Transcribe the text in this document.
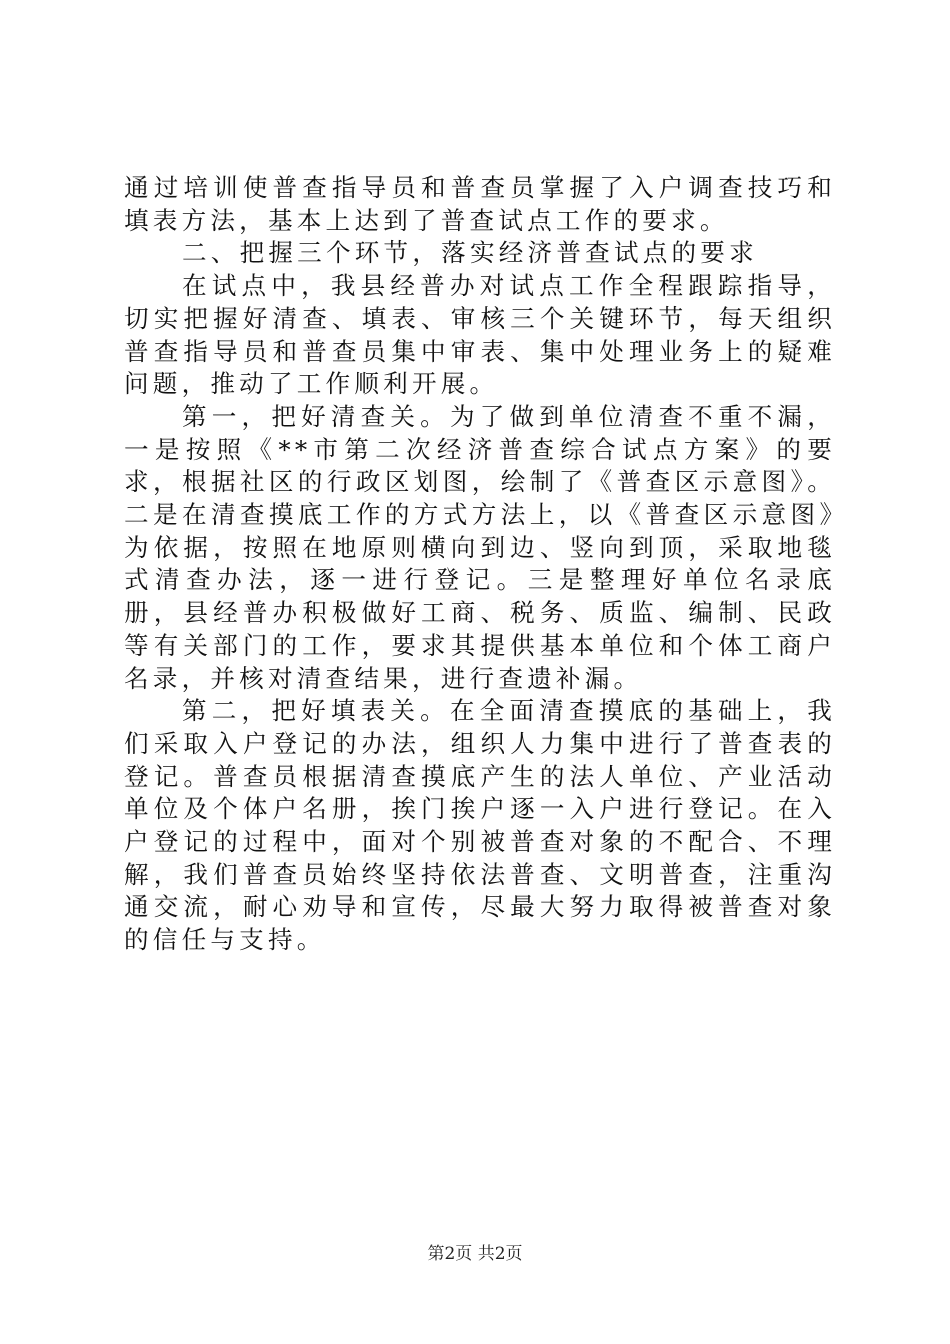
通过培训使普查指导员和普查员掌握了入户调查技巧和填表方法，基本上达到了普查试点工作的要求。

二、把握三个环节，落实经济普查试点的要求

在试点中，我县经普办对试点工作全程跟踪指导，切实把握好清查、填表、审核三个关键环节，每天组织普查指导员和普查员集中审表、集中处理业务上的疑难问题，推动了工作顺利开展。

第一，把好清查关。为了做到单位清查不重不漏，一是按照《**市第二次经济普查综合试点方案》的要求，根据社区的行政区划图，绘制了《普查区示意图》。二是在清查摸底工作的方式方法上，以《普查区示意图》为依据，按照在地原则横向到边、竖向到顶，采取地毯式清查办法，逐一进行登记。三是整理好单位名录底册，县经普办积极做好工商、税务、质监、编制、民政等有关部门的工作，要求其提供基本单位和个体工商户名录，并核对清查结果，进行查遗补漏。

第二，把好填表关。在全面清查摸底的基础上，我们采取入户登记的办法，组织人力集中进行了普查表的登记。普查员根据清查摸底产生的法人单位、产业活动单位及个体户名册，挨门挨户逐一入户进行登记。在入户登记的过程中，面对个别被普查对象的不配合、不理解，我们普查员始终坚持依法普查、文明普查，注重沟通交流，耐心劝导和宣传，尽最大努力取得被普查对象的信任与支持。

第2页 共2页
